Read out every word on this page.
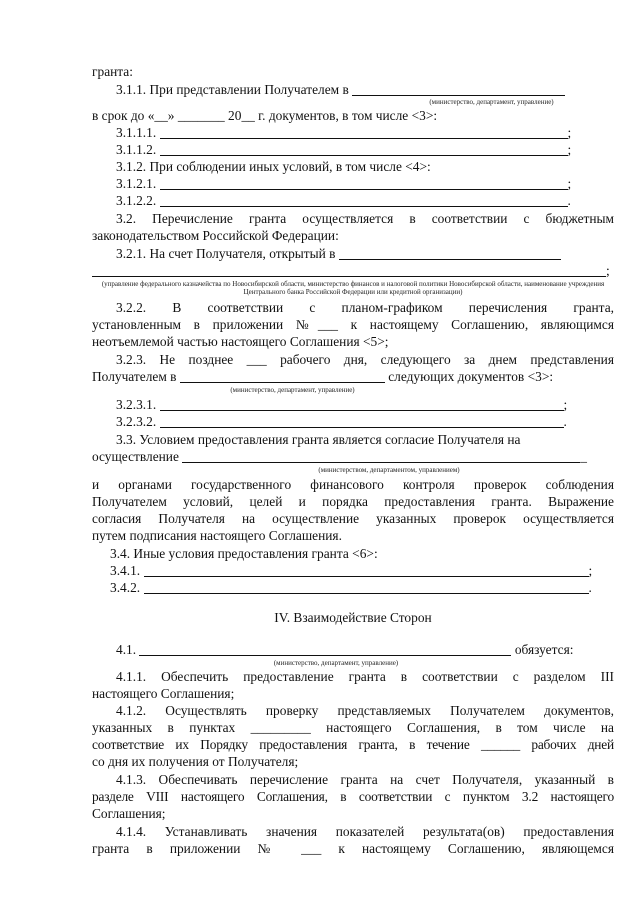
гранта:
3.1.1. При представлении Получателем в
(министерство, департамент, управление)
в срок до «__» _______ 20__ г. документов, в том числе <3>:
3.1.1.1.	;
3.1.1.2.	;
3.1.2. При соблюдении иных условий, в том числе <4>:
3.1.2.1.	;
3.1.2.2.	.
3.2. Перечисление гранта осуществляется в соответствии с бюджетным
законодательством Российской Федерации:
3.2.1. На счет Получателя, открытый в
;
(управление федерального казначейства по Новосибирской области, министерство финансов и налоговой политики Новосибирской области, наименование учреждения Центрального банка Российской Федерации или кредитной организации)
3.2.2. В соответствии с планом-графиком перечисления гранта,
установленным в приложении №___ к настоящему Соглашению, являющимся
неотъемлемой частью настоящего Соглашения <5>;
3.2.3. Не позднее ___ рабочего дня, следующего за днем представления
Получателем в	следующих документов <3>:
(министерство, департамент, управление)
3.2.3.1.	;
3.2.3.2.	.
3.3. Условием предоставления гранта является согласие Получателя на
осуществление	_
(министерством, департаментом, управлением)
и органами государственного финансового контроля проверок соблюдения
Получателем условий, целей и порядка предоставления гранта. Выражение
согласия Получателя на осуществление указанных проверок осуществляется
путем подписания настоящего Соглашения.
3.4. Иные условия предоставления гранта <6>:
3.4.1.	;
3.4.2.	.
IV. Взаимодействие Сторон
4.1.	обязуется:
(министерство, департамент, управление)
4.1.1. Обеспечить предоставление гранта в соответствии с разделом III
настоящего Соглашения;
4.1.2. Осуществлять проверку представляемых Получателем документов,
указанных в пунктах _________ настоящего Соглашения, в том числе на
соответствие их Порядку предоставления гранта, в течение ______ рабочих дней
со дня их получения от Получателя;
4.1.3. Обеспечивать перечисление гранта на счет Получателя, указанный в
разделе VIII настоящего Соглашения, в соответствии с пунктом 3.2 настоящего
Соглашения;
4.1.4. Устанавливать значения показателей результата(ов) предоставления
гранта в приложении № ___ к настоящему Соглашению, являющемся
